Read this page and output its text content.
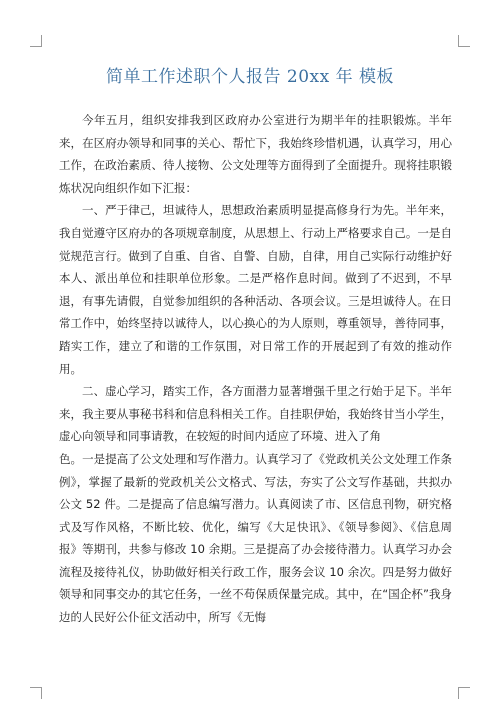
简单工作述职个人报告 20xx 年 模板

今年五月，组织安排我到区政府办公室进行为期半年的挂职锻炼。半年来，在区府办领导和同事的关心、帮忙下，我始终珍惜机遇，认真学习，用心工作，在政治素质、待人接物、公文处理等方面得到了全面提升。现将挂职锻炼状况向组织作如下汇报：

一、严于律己，坦诚待人，思想政治素质明显提高修身行为先。半年来，我自觉遵守区府办的各项规章制度，从思想上、行动上严格要求自己。一是自觉规范言行。做到了自重、自省、自警、自励，自律，用自己实际行动维护好本人、派出单位和挂职单位形象。二是严格作息时间。做到了不迟到，不早退，有事先请假，自觉参加组织的各种活动、各项会议。三是坦诚待人。在日常工作中，始终坚持以诚待人，以心换心的为人原则，尊重领导，善待同事，踏实工作，建立了和谐的工作氛围，对日常工作的开展起到了有效的推动作用。

二、虚心学习，踏实工作，各方面潜力显著增强千里之行始于足下。半年来，我主要从事秘书科和信息科相关工作。自挂职伊始，我始终甘当小学生，虚心向领导和同事请教，在较短的时间内适应了环境、进入了角

色。一是提高了公文处理和写作潜力。认真学习了《党政机关公文处理工作条例》，掌握了最新的党政机关公文格式、写法，夯实了公文写作基础，共拟办公文 52 件。二是提高了信息编写潜力。认真阅读了市、区信息刊物，研究格式及写作风格，不断比较、优化，编写《大足快讯》、《领导参阅》、《信息周报》等期刊，共参与修改 10 余期。三是提高了办会接待潜力。认真学习办会流程及接待礼仪，协助做好相关行政工作，服务会议 10 余次。四是努力做好领导和同事交办的其它任务，一丝不苟保质保量完成。其中，在“国企杯”我身边的人民好公仆征文活动中，所写《无悔
